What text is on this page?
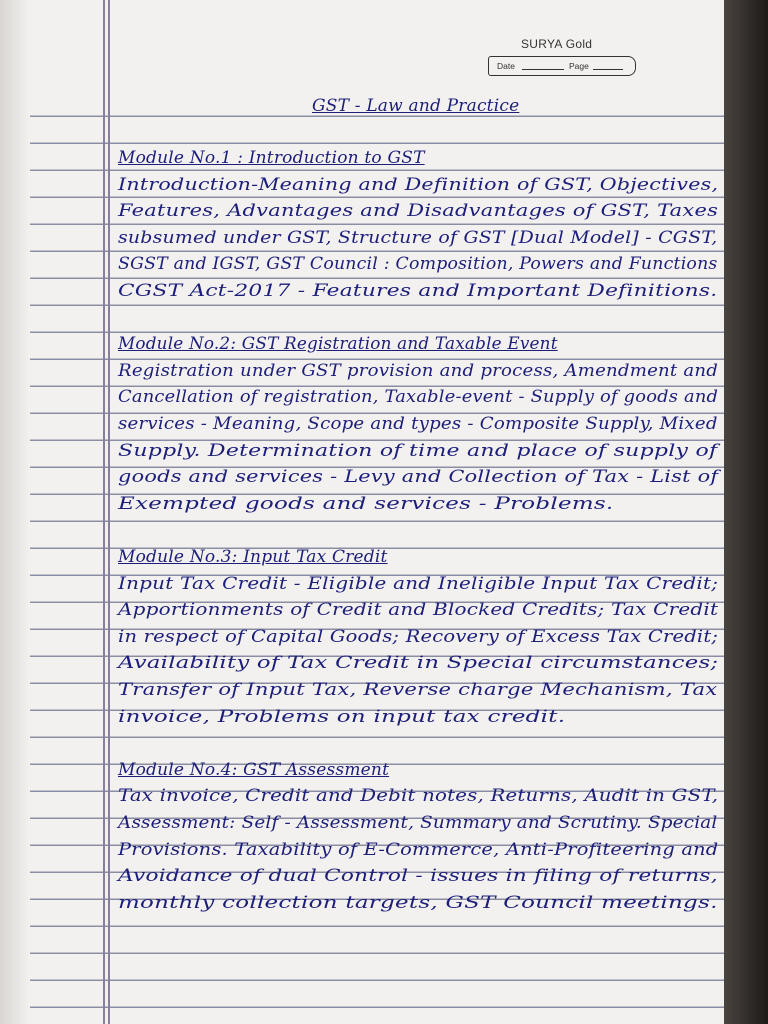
SURYA Gold
Date	Page
GST - Law and Practice
Module No.1 : Introduction to GST
Introduction-Meaning and Definition of GST, Objectives,
Features, Advantages and Disadvantages of GST, Taxes
subsumed under GST, Structure of GST [Dual Model] - CGST,
SGST and IGST, GST Council : Composition, Powers and Functions
CGST Act-2017 - Features and Important Definitions.
Module No.2: GST Registration and Taxable Event
Registration under GST provision and process, Amendment and
Cancellation of registration, Taxable-event - Supply of goods and
services - Meaning, Scope and types - Composite Supply, Mixed
Supply. Determination of time and place of supply of
goods and services - Levy and Collection of Tax - List of
Exempted goods and services - Problems.
Module No.3: Input Tax Credit
Input Tax Credit - Eligible and Ineligible Input Tax Credit;
Apportionments of Credit and Blocked Credits; Tax Credit
in respect of Capital Goods; Recovery of Excess Tax Credit;
Availability of Tax Credit in Special circumstances;
Transfer of Input Tax, Reverse charge Mechanism, Tax
invoice, Problems on input tax credit.
Module No.4: GST Assessment
Tax invoice, Credit and Debit notes, Returns, Audit in GST,
Assessment: Self - Assessment, Summary and Scrutiny. Special
Provisions. Taxability of E-Commerce, Anti-Profiteering and
Avoidance of dual Control - issues in filing of returns,
monthly collection targets, GST Council meetings.
